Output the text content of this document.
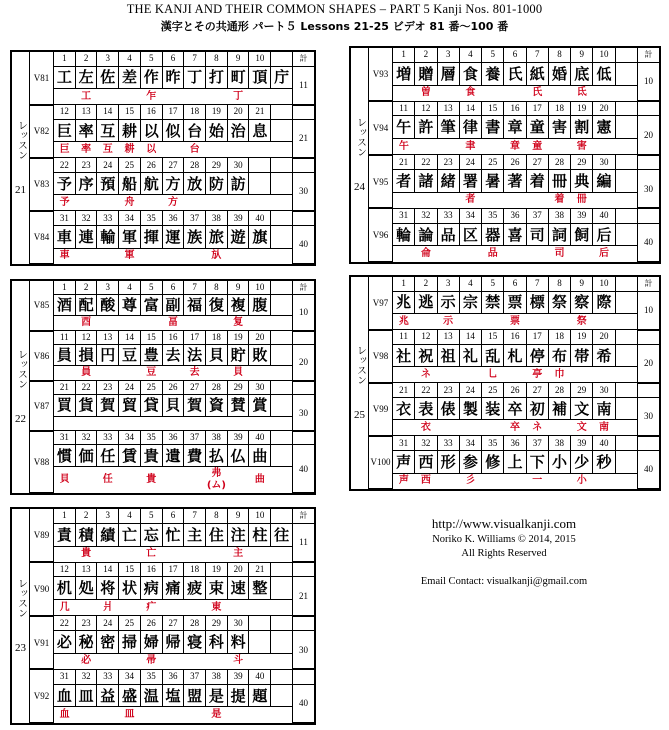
THE KANJI AND THEIR COMMON SHAPES – PART 5 Kanji Nos. 801-1000
漢字とその共通形 パート５ Lessons 21-25 ビデオ 81 番〜100 番
レッスン
21	V81	1	2	3	4	5	6	7	8	9	10		計
		工	左	佐	差	作	昨	丁	打	町	頂	庁	11
			工			乍				丁			
	V82	12	13	14	15	16	17	18	19	20	21		
		巨	率	互	耕	以	似	台	始	治	息		21
		巨	率	互	耕	以		台					
	V83	22	23	24	25	26	27	28	29	30			
		予	序	預	船	航	方	放	防	訪			30
		予			舟		方						
	V84	31	32	33	34	35	36	37	38	39	40		
		車	連	輸	軍	揮	運	族	旅	遊	旗		40
		車			軍				㫃				
レッスン
22	V85	1	2	3	4	5	6	7	8	9	10		計
		酒	配	酸	尊	富	副	福	復	複	腹		10
			酉				畐			复			
	V86	11	12	13	14	15	16	17	18	19	20		
		員	損	円	豆	豊	去	法	貝	貯	敗		20
			員			豆		去		貝			
	V87	21	22	23	24	25	26	27	28	29	30		
		買	貨	賀	貿	貸	貝	賀	資	賛	賞		30

	V88	31	32	33	34	35	36	37	38	39	40		
		慣	価	任	賃	貴	遺	費	払	仏	曲		40
		貝		任		貴			弗(ム)		曲		
レッスン
23	V89	1	2	3	4	5	6	7	8	9	10		計
		責	積	績	亡	忘	忙	主	住	注	柱	往	11
			貴			亡				主			
	V90	12	13	14	15	16	17	18	19	20	21		
		机	処	将	状	病	痛	疲	束	速	整		21
		几		爿		疒			東				
	V91	22	23	24	25	26	27	28	29	30			
		必	秘	密	掃	婦	帰	寝	科	料			30
			必			帚				斗			
	V92	31	32	33	34	35	36	37	38	39	40		
		血	皿	益	盛	温	塩	盟	是	提	題		40
		血			皿				是				
レッスン
24	V93	1	2	3	4	5	6	7	8	9	10		計
		増	贈	層	食	養	氏	紙	婚	底	低		10
			曽		食			氏		氐			
	V94	11	12	13	14	15	16	17	18	19	20		
		午	許	筆	律	書	章	童	害	割	憲		20
		午			聿		章	童		害			
	V95	21	22	23	24	25	26	27	28	29	30		
		者	諸	緒	署	暑	著	着	冊	典	編		30
					者				着	冊			
	V96	31	32	33	34	35	36	37	38	39	40		
		輪	論	品	区	器	喜	司	詞	飼	后		40
			侖			品			司		后		
レッスン
25	V97	1	2	3	4	5	6	7	8	9	10		計
		兆	逃	示	宗	禁	票	標	祭	察	際		10
		兆		示			票			祭			
	V98	11	12	13	14	15	16	17	18	19	20		
		社	祝	祖	礼	乱	札	停	布	帯	希		20
			ネ			乚		亭	巾				
	V99	21	22	23	24	25	26	27	28	29	30		
		衣	表	俵	製	装	卒	初	補	文	南		30
			衣				卒	ネ		文	南		
	V100	31	32	33	34	35	36	37	38	39	40		
		声	西	形	参	修	上	下	小	少	秒		40
		声	西		彡			一		小			
http://www.visualkanji.com
Noriko K. Williams © 2014, 2015
All Rights Reserved
Email Contact: visualkanji@gmail.com
